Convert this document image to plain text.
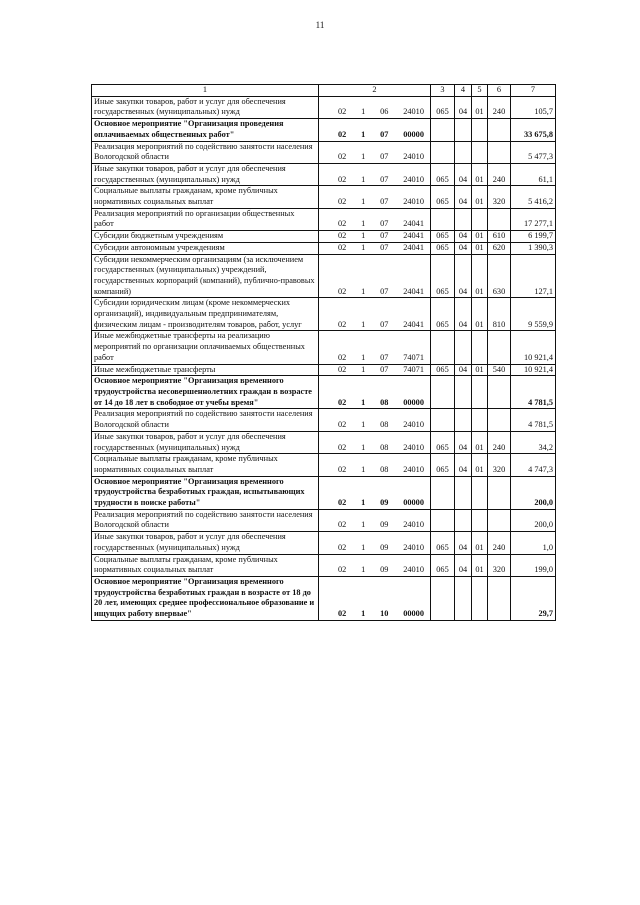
11
1	2	3	4	5	6	7
Иные закупки товаров, работ и услуг для обеспечения государственных (муниципальных) нужд	02 1 06 24010	065	04	01	240	105,7
Основное мероприятие "Организация проведения оплачиваемых общественных работ"	02 1 07 00000					33 675,8
Реализация мероприятий по содействию занятости населения Вологодской области	02 1 07 24010					5 477,3
Иные закупки товаров, работ и услуг для обеспечения государственных (муниципальных) нужд	02 1 07 24010	065	04	01	240	61,1
Социальные выплаты гражданам, кроме публичных нормативных социальных выплат	02 1 07 24010	065	04	01	320	5 416,2
Реализация мероприятий по организации общественных работ	02 1 07 24041					17 277,1
Субсидии бюджетным учреждениям	02 1 07 24041	065	04	01	610	6 199,7
Субсидии автономным учреждениям	02 1 07 24041	065	04	01	620	1 390,3
Субсидии некоммерческим организациям (за исключением государственных (муниципальных) учреждений, государственных корпораций (компаний), публично-правовых компаний)	02 1 07 24041	065	04	01	630	127,1
Субсидии юридическим лицам (кроме некоммерческих организаций), индивидуальным предпринимателям, физическим лицам - производителям товаров, работ, услуг	02 1 07 24041	065	04	01	810	9 559,9
Иные межбюджетные трансферты на реализацию мероприятий по организации оплачиваемых общественных работ	02 1 07 74071					10 921,4
Иные межбюджетные трансферты	02 1 07 74071	065	04	01	540	10 921,4
Основное мероприятие "Организация временного трудоустройства несовершеннолетних граждан в возрасте от 14 до 18 лет в свободное от учебы время"	02 1 08 00000					4 781,5
Реализация мероприятий по содействию занятости населения Вологодской области	02 1 08 24010					4 781,5
Иные закупки товаров, работ и услуг для обеспечения государственных (муниципальных) нужд	02 1 08 24010	065	04	01	240	34,2
Социальные выплаты гражданам, кроме публичных нормативных социальных выплат	02 1 08 24010	065	04	01	320	4 747,3
Основное мероприятие "Организация временного трудоустройства безработных граждан, испытывающих трудности в поиске работы"	02 1 09 00000					200,0
Реализация мероприятий по содействию занятости населения Вологодской области	02 1 09 24010					200,0
Иные закупки товаров, работ и услуг для обеспечения государственных (муниципальных) нужд	02 1 09 24010	065	04	01	240	1,0
Социальные выплаты гражданам, кроме публичных нормативных социальных выплат	02 1 09 24010	065	04	01	320	199,0
Основное мероприятие "Организация временного трудоустройства безработных граждан в возрасте от 18 до 20 лет, имеющих среднее профессиональное образование и ищущих работу впервые"	02 1 10 00000					29,7
